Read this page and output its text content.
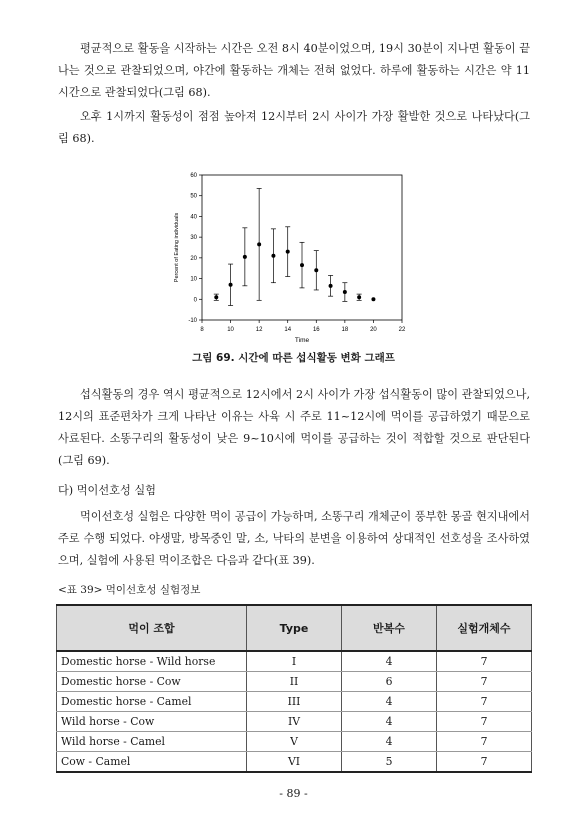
평균적으로 활동을 시작하는 시간은 오전 8시 40분이었으며, 19시 30분이 지나면 활동이 끝나는 것으로 관찰되었으며, 야간에 활동하는 개체는 전혀 없었다. 하루에 활동하는 시간은 약 11시간으로 관찰되었다(그림 68).

오후 1시까지 활동성이 점점 높아져 12시부터 2시 사이가 가장 활발한 것으로 나타났다(그림 68).

8	10	12	14	16	18	20	22
-10
0
10
20
30
40
50
60
Time
Percent of Eating individuals
그림 69. 시간에 따른 섭식활동 변화 그래프

섭식활동의 경우 역시 평균적으로 12시에서 2시 사이가 가장 섭식활동이 많이 관찰되었으나, 12시의 표준편차가 크게 나타난 이유는 사육 시 주로 11~12시에 먹이를 공급하였기 때문으로 사료된다. 소똥구리의 활동성이 낮은 9~10시에 먹이를 공급하는 것이 적합할 것으로 판단된다(그림 69).

다) 먹이선호성 실험

먹이선호성 실험은 다양한 먹이 공급이 가능하며, 소똥구리 개체군이 풍부한 몽골 현지내에서 주로 수행 되었다. 야생말, 방목중인 말, 소, 낙타의 분변을 이용하여 상대적인 선호성을 조사하였으며, 실험에 사용된 먹이조합은 다음과 같다(표 39).

<표 39> 먹이선호성 실험정보
먹이 조합	Type	반복수	실험개체수
Domestic horse - Wild horse	I	4	7
Domestic horse - Cow	II	6	7
Domestic horse - Camel	III	4	7
Wild horse - Cow	IV	4	7
Wild horse - Camel	V	4	7
Cow - Camel	VI	5	7
- 89 -
